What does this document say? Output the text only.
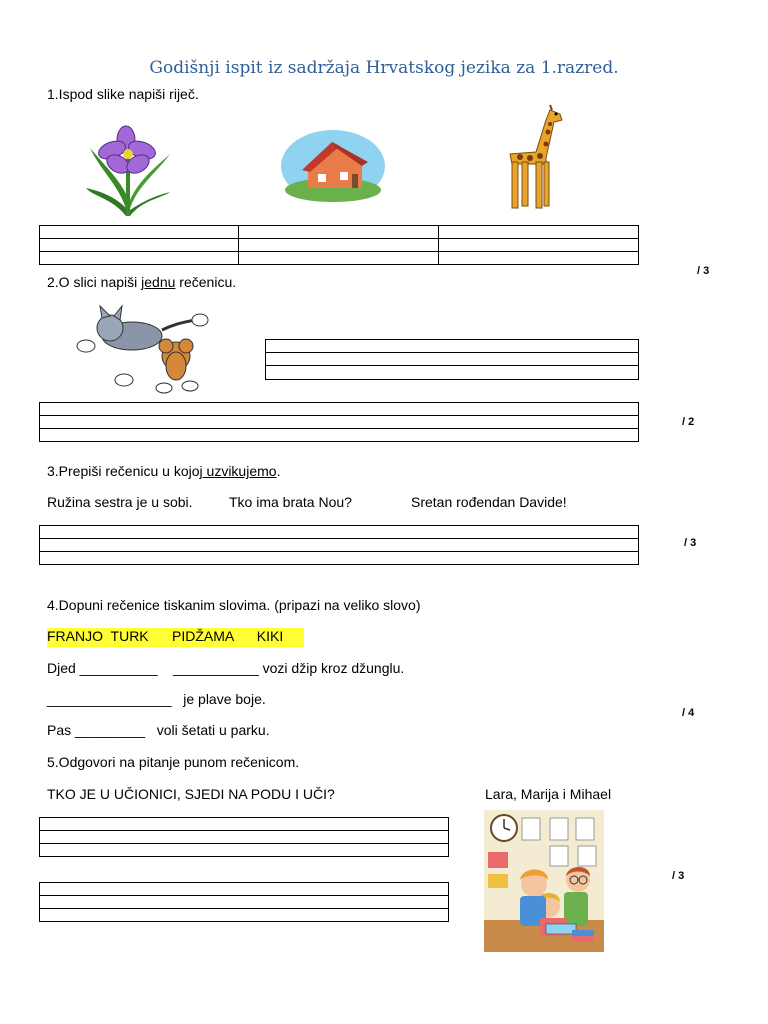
Godišnji ispit iz sadržaja Hrvatskog jezika za 1.razred.
1.Ispod slike napiši riječ.
/ 3
2.O slici napiši jednu rečenicu.
/ 2
3.Prepiši rečenicu u kojoj uzvikujemo.
Ružina sestra je u sobi.	Tko ima brata Nou?	Sretan rođendan Davide!
/ 3
4.Dopuni rečenice tiskanim slovima. (pripazi na veliko slovo)
FRANJO  TURK      PIDŽAMA      KIKI
Djed __________    ___________ vozi džip kroz džunglu.
________________   je plave boje.
Pas _________   voli šetati u parku.
/ 4
5.Odgovori na pitanje punom rečenicom.
TKO JE U UČIONICI, SJEDI NA PODU I UČI?	Lara, Marija i Mihael
/ 3
